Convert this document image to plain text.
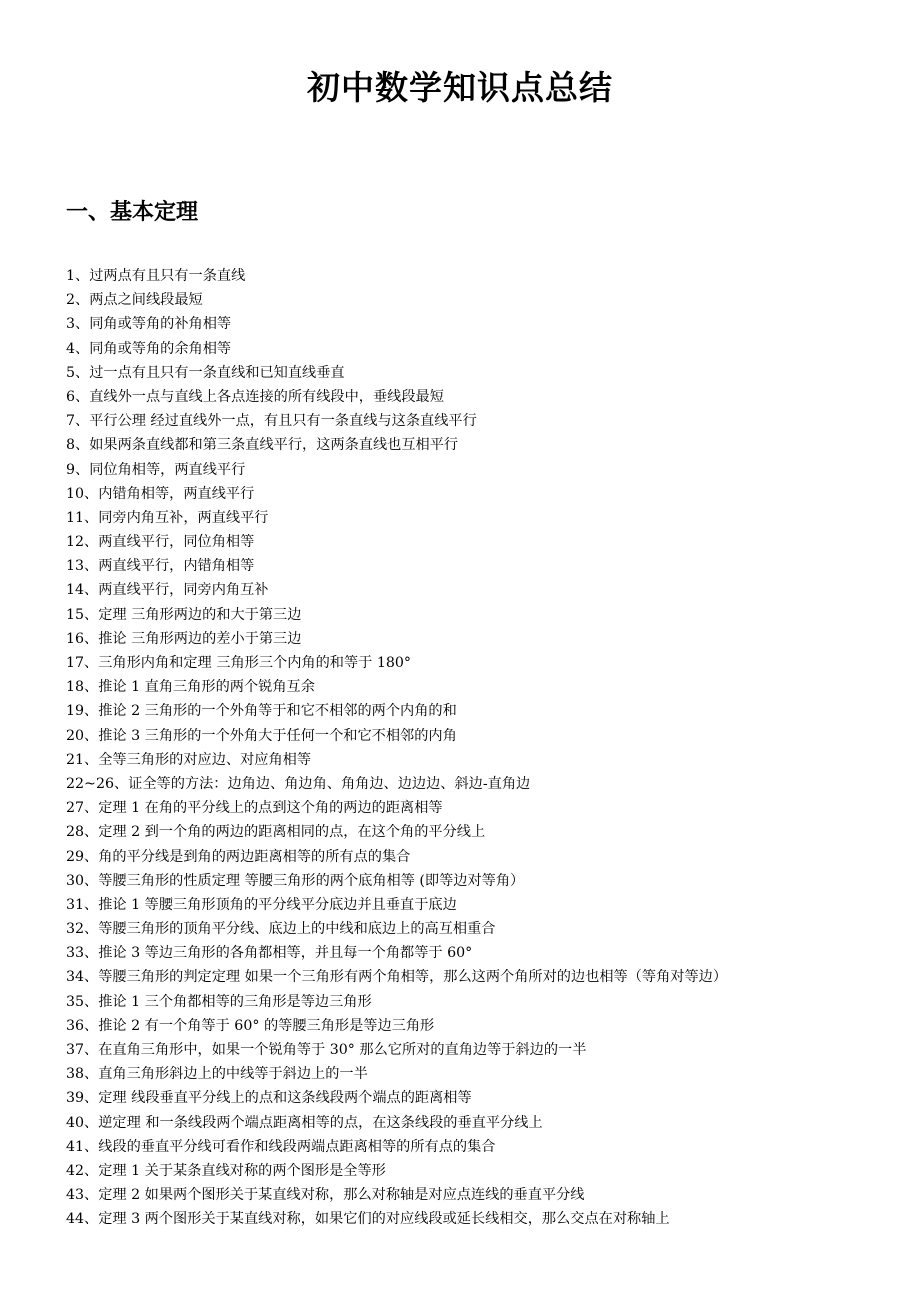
初中数学知识点总结
一、基本定理
1、过两点有且只有一条直线
2、两点之间线段最短
3、同角或等角的补角相等
4、同角或等角的余角相等
5、过一点有且只有一条直线和已知直线垂直
6、直线外一点与直线上各点连接的所有线段中，垂线段最短
7、平行公理 经过直线外一点，有且只有一条直线与这条直线平行
8、如果两条直线都和第三条直线平行，这两条直线也互相平行
9、同位角相等，两直线平行
10、内错角相等，两直线平行
11、同旁内角互补，两直线平行
12、两直线平行，同位角相等
13、两直线平行，内错角相等
14、两直线平行，同旁内角互补
15、定理 三角形两边的和大于第三边
16、推论 三角形两边的差小于第三边
17、三角形内角和定理 三角形三个内角的和等于 180°
18、推论 1 直角三角形的两个锐角互余
19、推论 2 三角形的一个外角等于和它不相邻的两个内角的和
20、推论 3 三角形的一个外角大于任何一个和它不相邻的内角
21、全等三角形的对应边、对应角相等
22~26、证全等的方法：边角边、角边角、角角边、边边边、斜边-直角边
27、定理 1 在角的平分线上的点到这个角的两边的距离相等
28、定理 2 到一个角的两边的距离相同的点，在这个角的平分线上
29、角的平分线是到角的两边距离相等的所有点的集合
30、等腰三角形的性质定理 等腰三角形的两个底角相等 (即等边对等角）
31、推论 1 等腰三角形顶角的平分线平分底边并且垂直于底边
32、等腰三角形的顶角平分线、底边上的中线和底边上的高互相重合
33、推论 3 等边三角形的各角都相等，并且每一个角都等于 60°
34、等腰三角形的判定定理 如果一个三角形有两个角相等，那么这两个角所对的边也相等（等角对等边）
35、推论 1 三个角都相等的三角形是等边三角形
36、推论 2 有一个角等于 60° 的等腰三角形是等边三角形
37、在直角三角形中，如果一个锐角等于 30° 那么它所对的直角边等于斜边的一半
38、直角三角形斜边上的中线等于斜边上的一半
39、定理 线段垂直平分线上的点和这条线段两个端点的距离相等
40、逆定理 和一条线段两个端点距离相等的点，在这条线段的垂直平分线上
41、线段的垂直平分线可看作和线段两端点距离相等的所有点的集合
42、定理 1 关于某条直线对称的两个图形是全等形
43、定理 2 如果两个图形关于某直线对称，那么对称轴是对应点连线的垂直平分线
44、定理 3 两个图形关于某直线对称，如果它们的对应线段或延长线相交，那么交点在对称轴上
